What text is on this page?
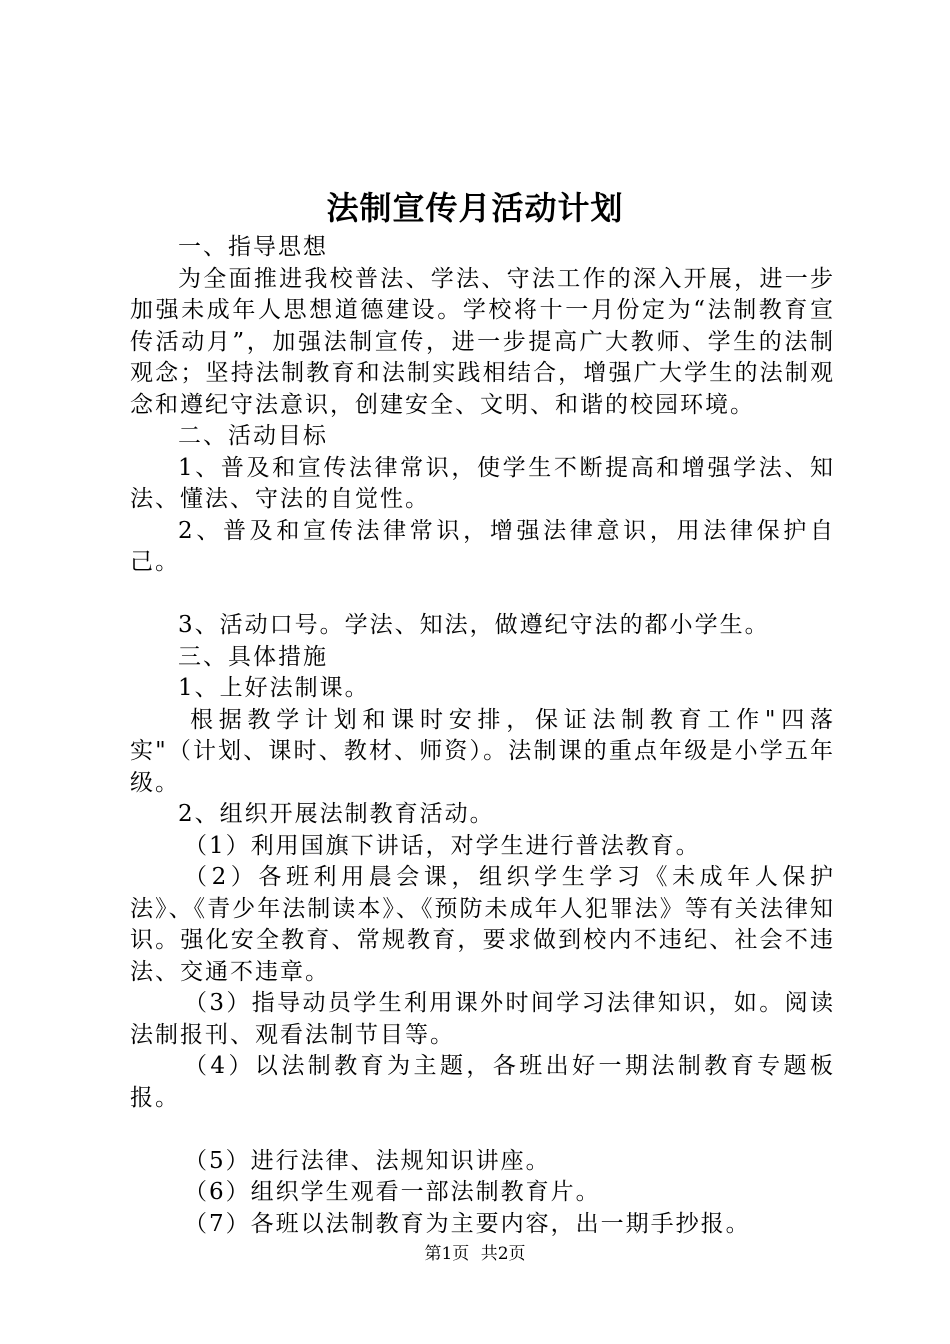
法制宣传月活动计划

一、指导思想

为全面推进我校普法、学法、守法工作的深入开展，进一步加强未成年人思想道德建设。学校将十一月份定为“法制教育宣传活动月”，加强法制宣传，进一步提高广大教师、学生的法制观念；坚持法制教育和法制实践相结合，增强广大学生的法制观念和遵纪守法意识，创建安全、文明、和谐的校园环境。

二、活动目标

1、普及和宣传法律常识，使学生不断提高和增强学法、知法、懂法、守法的自觉性。

2、普及和宣传法律常识，增强法律意识，用法律保护自己。

3、活动口号。学法、知法，做遵纪守法的都小学生。

三、具体措施

1、上好法制课。

根据教学计划和课时安排，保证法制教育工作"四落实"（计划、课时、教材、师资）。法制课的重点年级是小学五年级。

2、组织开展法制教育活动。

（1）利用国旗下讲话，对学生进行普法教育。

（2）各班利用晨会课，组织学生学习《未成年人保护法》、《青少年法制读本》、《预防未成年人犯罪法》等有关法律知识。强化安全教育、常规教育，要求做到校内不违纪、社会不违法、交通不违章。

（3）指导动员学生利用课外时间学习法律知识，如。阅读法制报刊、观看法制节目等。

（4）以法制教育为主题，各班出好一期法制教育专题板报。

（5）进行法律、法规知识讲座。

（6）组织学生观看一部法制教育片。

（7）各班以法制教育为主要内容，出一期手抄报。

第1页 共2页
